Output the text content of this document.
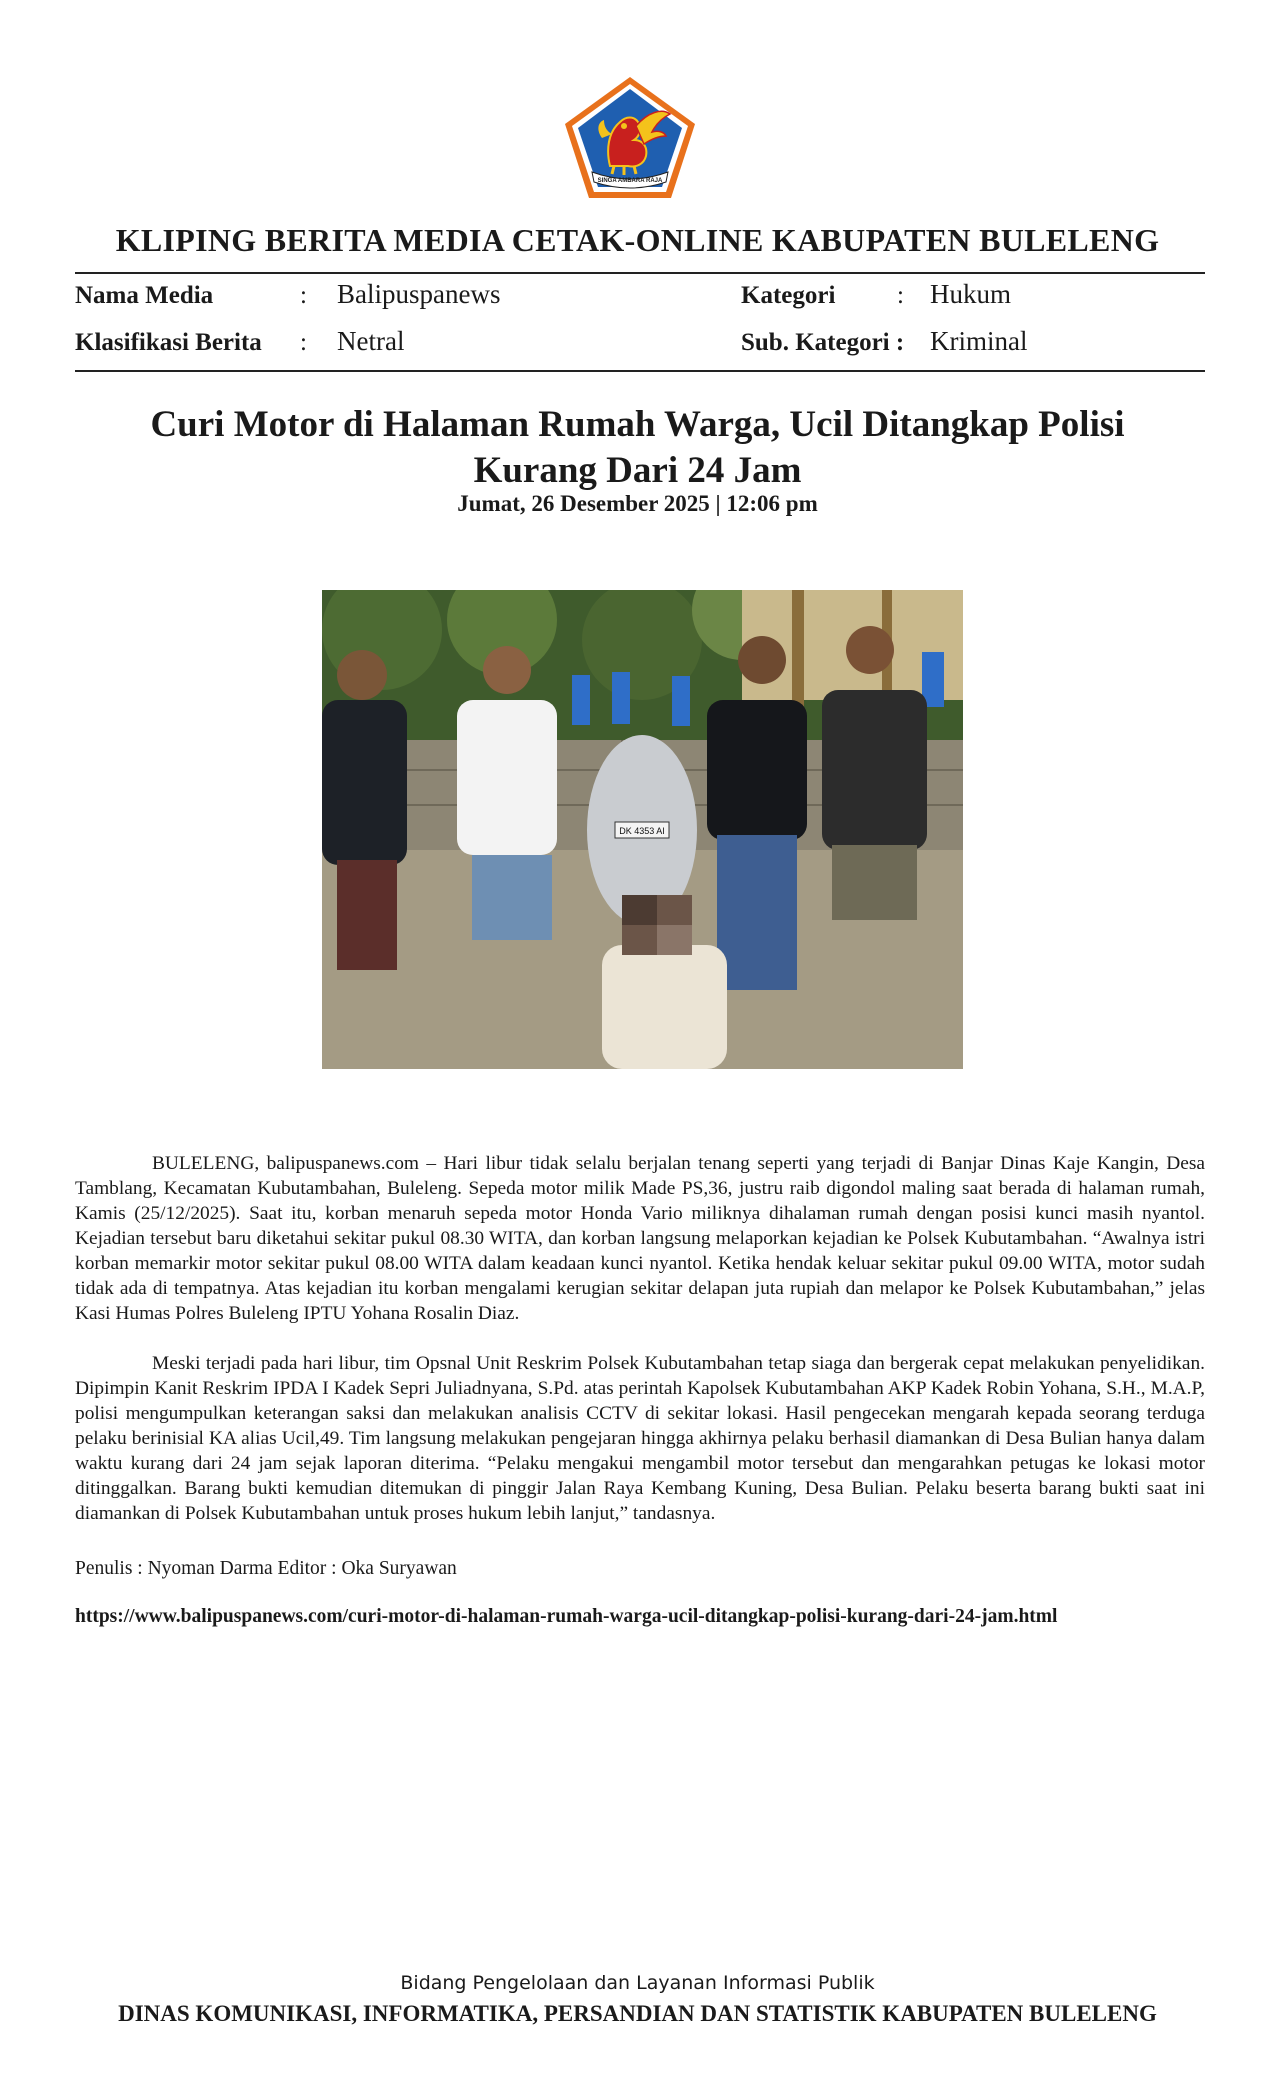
SINGA AMBARA RAJA
KLIPING BERITA MEDIA CETAK-ONLINE KABUPATEN BULELENG
Nama Media	: Balipuspanews	Kategori : Hukum
Klasifikasi Berita : Netral	Sub. Kategori : Kriminal
Curi Motor di Halaman Rumah Warga, Ucil Ditangkap Polisi
Kurang Dari 24 Jam
Jumat, 26 Desember 2025 | 12:06 pm
DK 4353 AI

BULELENG, balipuspanews.com – Hari libur tidak selalu berjalan tenang seperti yang terjadi di Banjar Dinas Kaje Kangin, Desa Tamblang, Kecamatan Kubutambahan, Buleleng. Sepeda motor milik Made PS,36, justru raib digondol maling saat berada di halaman rumah, Kamis (25/12/2025). Saat itu, korban menaruh sepeda motor Honda Vario miliknya dihalaman rumah dengan posisi kunci masih nyantol. Kejadian tersebut baru diketahui sekitar pukul 08.30 WITA, dan korban langsung melaporkan kejadian ke Polsek Kubutambahan. “Awalnya istri korban memarkir motor sekitar pukul 08.00 WITA dalam keadaan kunci nyantol. Ketika hendak keluar sekitar pukul 09.00 WITA, motor sudah tidak ada di tempatnya. Atas kejadian itu korban mengalami kerugian sekitar delapan juta rupiah dan melapor ke Polsek Kubutambahan,” jelas Kasi Humas Polres Buleleng IPTU Yohana Rosalin Diaz.

Meski terjadi pada hari libur, tim Opsnal Unit Reskrim Polsek Kubutambahan tetap siaga dan bergerak cepat melakukan penyelidikan. Dipimpin Kanit Reskrim IPDA I Kadek Sepri Juliadnyana, S.Pd. atas perintah Kapolsek Kubutambahan AKP Kadek Robin Yohana, S.H., M.A.P, polisi mengumpulkan keterangan saksi dan melakukan analisis CCTV di sekitar lokasi. Hasil pengecekan mengarah kepada seorang terduga pelaku berinisial KA alias Ucil,49. Tim langsung melakukan pengejaran hingga akhirnya pelaku berhasil diamankan di Desa Bulian hanya dalam waktu kurang dari 24 jam sejak laporan diterima. “Pelaku mengakui mengambil motor tersebut dan mengarahkan petugas ke lokasi motor ditinggalkan. Barang bukti kemudian ditemukan di pinggir Jalan Raya Kembang Kuning, Desa Bulian. Pelaku beserta barang bukti saat ini diamankan di Polsek Kubutambahan untuk proses hukum lebih lanjut,” tandasnya.

Penulis : Nyoman Darma Editor : Oka Suryawan
https://www.balipuspanews.com/curi-motor-di-halaman-rumah-warga-ucil-ditangkap-polisi-kurang-dari-24-jam.html
Bidang Pengelolaan dan Layanan Informasi Publik
DINAS KOMUNIKASI, INFORMATIKA, PERSANDIAN DAN STATISTIK KABUPATEN BULELENG
